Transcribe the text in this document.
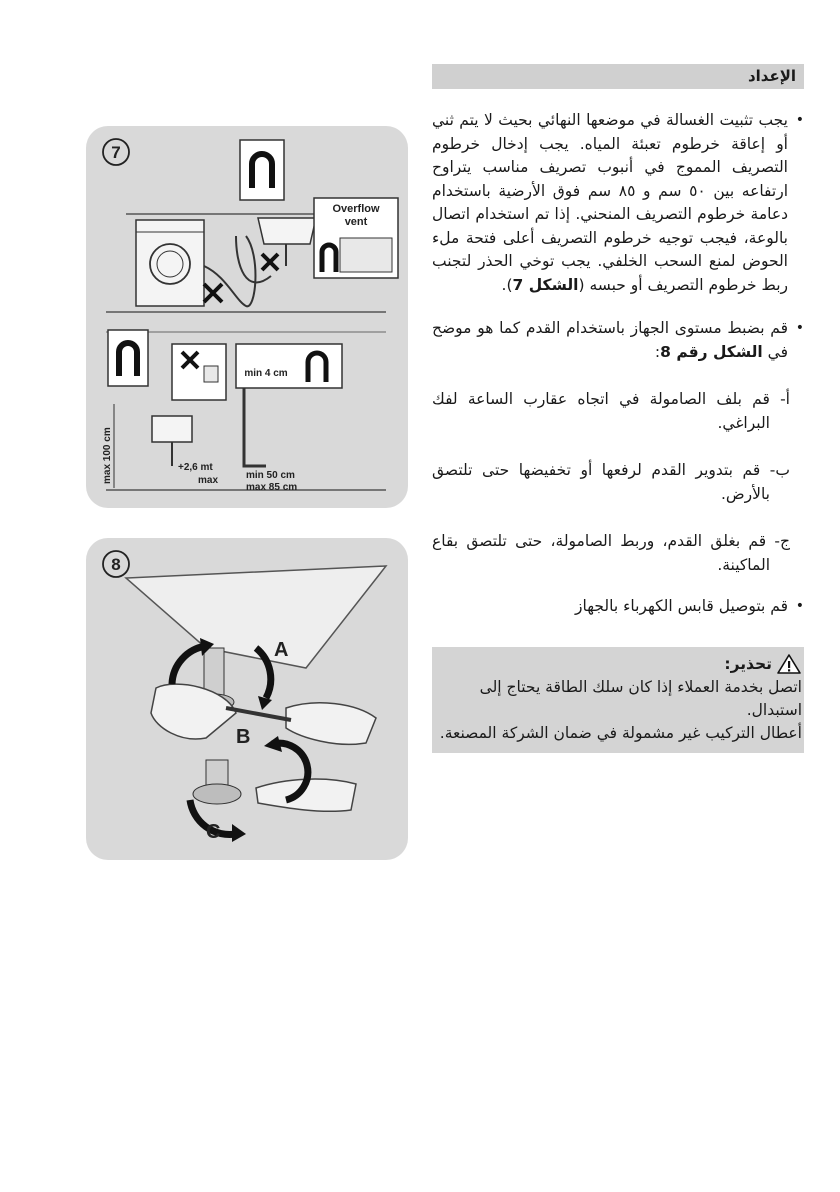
الإعداد
• يجب تثبيت الغسالة في موضعها النهائي بحيث لا يتم ثني أو إعاقة خرطوم تعبئة المياه. يجب إدخال خرطوم التصريف المموج في أنبوب تصريف مناسب يتراوح ارتفاعه بين ٥٠ سم و ٨٥ سم فوق الأرضية باستخدام دعامة خرطوم التصريف المنحني. إذا تم استخدام اتصال بالوعة، فيجب توجيه خرطوم التصريف أعلى فتحة ملء الحوض لمنع السحب الخلفي. يجب توخي الحذر لتجنب ربط خرطوم التصريف أو حبسه (الشكل 7).
• قم بضبط مستوى الجهاز باستخدام القدم كما هو موضح في الشكل رقم 8:
أ- قم بلف الصامولة في اتجاه عقارب الساعة لفك البراغي.
ب- قم بتدوير القدم لرفعها أو تخفيضها حتى تلتصق بالأرض.
ج- قم بغلق القدم، وربط الصامولة، حتى تلتصق بقاع الماكينة.
• قم بتوصيل قابس الكهرباء بالجهاز
تحذير:
اتصل بخدمة العملاء إذا كان سلك الطاقة يحتاج إلى استبدال.
أعطال التركيب غير مشمولة في ضمان الشركة المصنعة.
7
Overflow
vent
min 4 cm
max 100 cm	+2,6 mt
max	min 50 cm
max 85 cm
8
A
B
C
